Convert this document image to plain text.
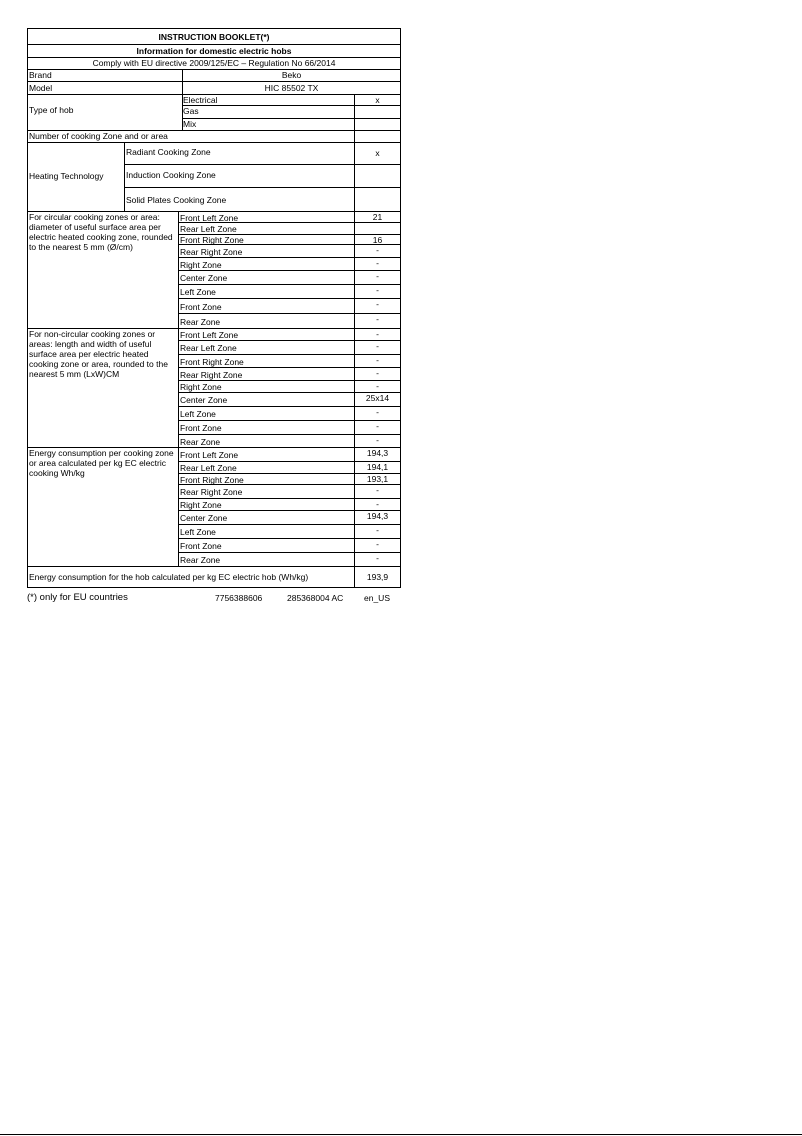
INSTRUCTION BOOKLET(*)
Information for domestic electric hobs
Comply with EU directive 2009/125/EC – Regulation No 66/2014
Brand	Beko
Model	HIC 85502 TX
Type of hob
Electrical	x
Gas
Mix
Number of cooking Zone and or area
Heating Technology
Radiant Cooking Zone	x
Induction Cooking Zone
Solid Plates Cooking Zone
For circular cooking zones or area: diameter of useful surface area per electric heated cooking zone, rounded to the nearest 5 mm (Ø/cm)
Front Left Zone	21
Rear Left Zone
Front Right Zone	16
Rear Right Zone	-
Right Zone	-
Center Zone	-
Left Zone	-
Front Zone	-
Rear Zone	-
For non-circular cooking zones or areas: length and width of useful surface area per electric heated cooking zone or area, rounded to the nearest 5 mm (LxW)CM
Front Left Zone	-
Rear Left Zone	-
Front Right Zone	-
Rear Right Zone	-
Right Zone	-
Center Zone	25x14
Left Zone	-
Front Zone	-
Rear Zone	-
Energy consumption per cooking zone or area calculated per kg EC electric cooking Wh/kg
Front Left Zone	194,3
Rear Left Zone	194,1
Front Right Zone	193,1
Rear Right Zone	-
Right Zone	-
Center Zone	194,3
Left Zone	-
Front Zone	-
Rear Zone	-
Energy consumption for the hob calculated per kg EC electric hob (Wh/kg)	193,9
(*) only for EU countries	7756388606	285368004 AC en_US
